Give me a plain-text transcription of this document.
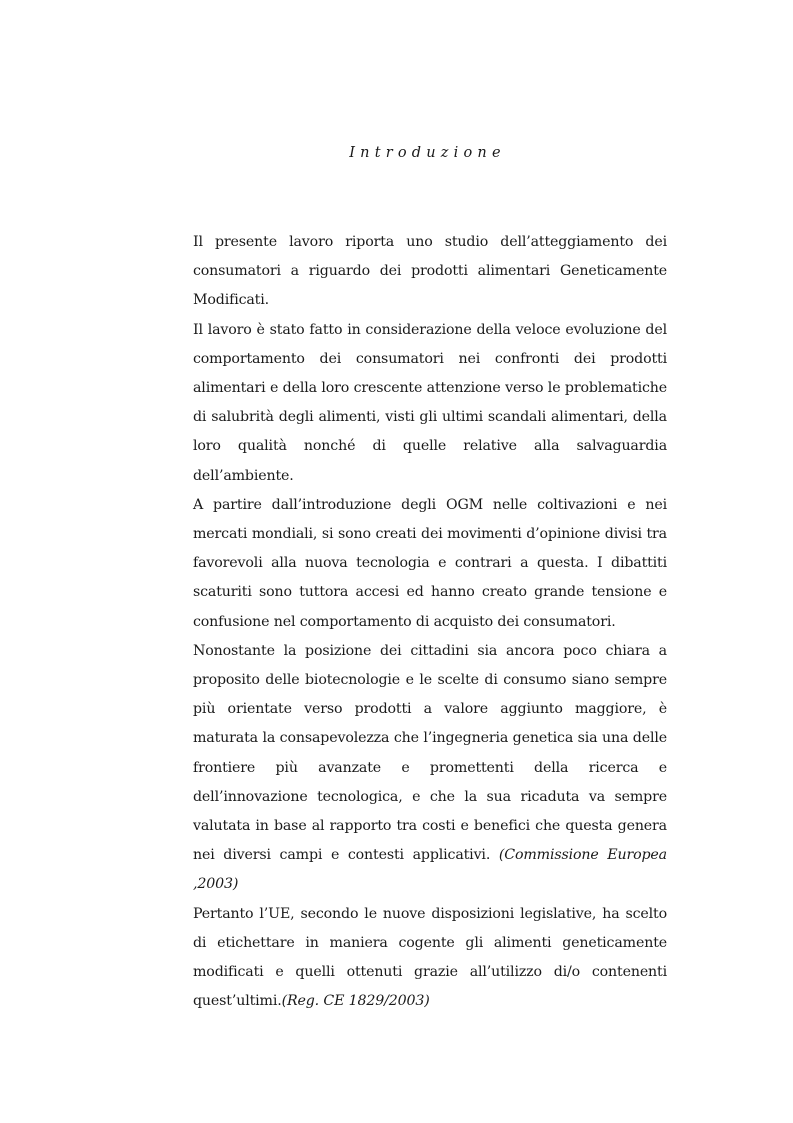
Introduzione

Il presente lavoro riporta uno studio dell’atteggiamento dei consumatori a riguardo dei prodotti alimentari Geneticamente Modificati.

Il lavoro è stato fatto in considerazione della veloce evoluzione del comportamento dei consumatori nei confronti dei prodotti alimentari e della loro crescente attenzione verso le problematiche di salubrità degli alimenti, visti gli ultimi scandali alimentari, della loro qualità nonché di quelle relative alla salvaguardia dell’ambiente.

A partire dall’introduzione degli OGM nelle coltivazioni e nei mercati mondiali, si sono creati dei movimenti d’opinione divisi tra favorevoli alla nuova tecnologia e contrari a questa. I dibattiti scaturiti sono tuttora accesi ed hanno creato grande tensione e confusione nel comportamento di acquisto dei consumatori.

Nonostante la posizione dei cittadini sia ancora poco chiara a proposito delle biotecnologie e le scelte di consumo siano sempre più orientate verso prodotti a valore aggiunto maggiore, è maturata la consapevolezza che l’ingegneria genetica sia una delle frontiere più avanzate e promettenti della ricerca e dell’innovazione tecnologica, e che la sua ricaduta va sempre valutata in base al rapporto tra costi e benefici che questa genera nei diversi campi e contesti applicativi. (Commissione Europea ,2003)

Pertanto l’UE, secondo le nuove disposizioni legislative, ha scelto di etichettare in maniera cogente gli alimenti geneticamente modificati e quelli ottenuti grazie all’utilizzo di/o contenenti quest’ultimi.(Reg. CE 1829/2003)
